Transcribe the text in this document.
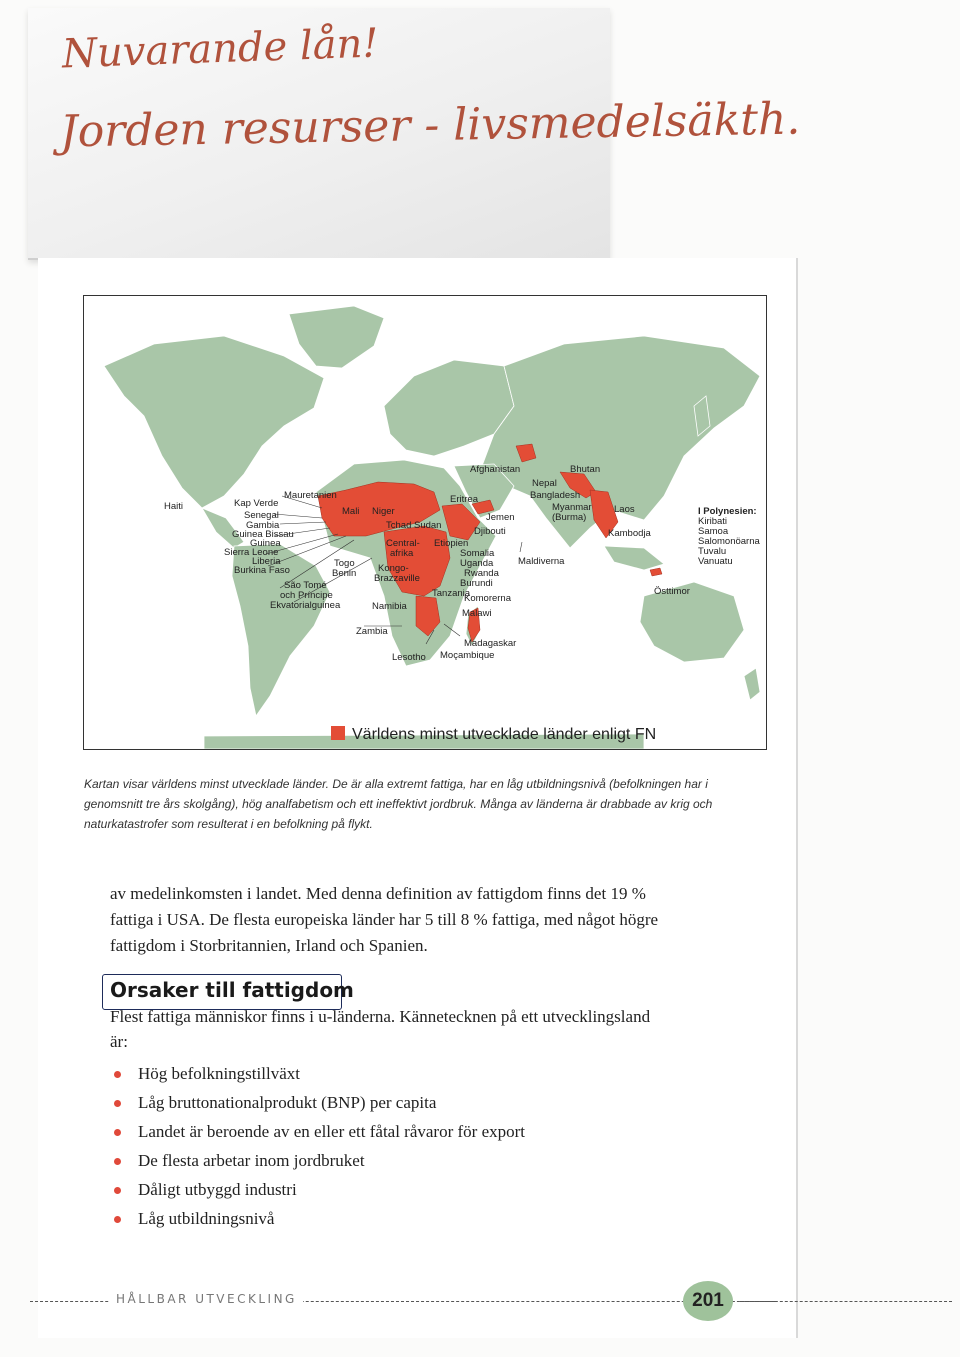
Nuvarande lån!
Jorden resurser - livsmedelsäkth.
Haiti	Kap Verde
Mauretanien
Senegal
Gambia
Guinea Bissau
Guinea
Sierra Leone
Liberia
Burkina Faso
Togo
Benin
São Tomé
och Príncipe
Ekvatorialguinea
Mali Niger
Tchad Sudan
Eritrea
Jemen
Djibouti
Central-
afrika
Etiopien
Kongo-
Brazzaville
Somalia
Uganda
Rwanda
Burundi
Tanzania
Komorerna
Malawi
Namibia
Zambia
Madagaskar
Lesotho Moçambique
Afghanistan
Nepal
Bhutan
Bangladesh
Myanmar
(Burma)
Laos
Kambodja
Maldiverna
Östtimor
I Polynesien:
Kiribati
Samoa
Salomonöarna
Tuvalu
Vanuatu
Världens minst utvecklade länder enligt FN

Kartan visar världens minst utvecklade länder. De är alla extremt fattiga, har en låg utbildningsnivå (befolkningen har i genomsnitt tre års skolgång), hög analfabetism och ett ineffektivt jordbruk. Många av länderna är drabbade av krig och naturkatastrofer som resulterat i en befolkning på flykt.

av medelinkomsten i landet. Med denna definition av fattigdom finns det 19 % fattiga i USA. De flesta europeiska länder har 5 till 8 % fattiga, med något högre fattigdom i Storbritannien, Irland och Spanien.

Orsaker till fattigdom

Flest fattiga människor finns i u-länderna. Kännetecknen på ett utvecklingsland är:

Hög befolkningstillväxt
Låg bruttonationalprodukt (BNP) per capita
Landet är beroende av en eller ett fåtal råvaror för export
De flesta arbetar inom jordbruket
Dåligt utbyggd industri
Låg utbildningsnivå
HÅLLBAR UTVECKLING	201
